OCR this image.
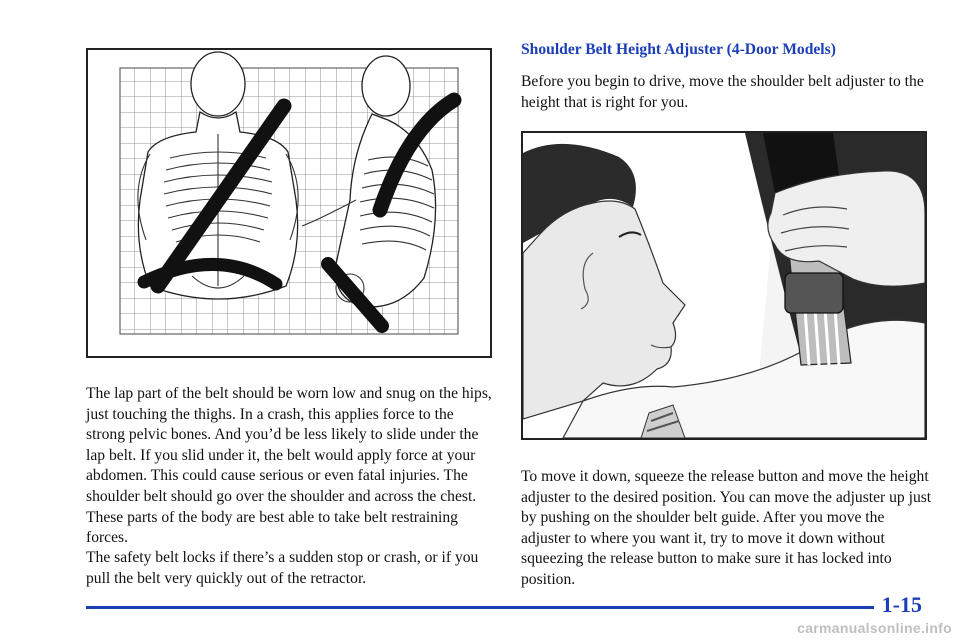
The lap part of the belt should be worn low and snug on the hips, just touching the thighs. In a crash, this applies force to the strong pelvic bones. And you’d be less likely to slide under the lap belt. If you slid under it, the belt would apply force at your abdomen. This could cause serious or even fatal injuries. The shoulder belt should go over the shoulder and across the chest. These parts of the body are best able to take belt restraining forces.

The safety belt locks if there’s a sudden stop or crash, or if you pull the belt very quickly out of the retractor.

Shoulder Belt Height Adjuster (4-Door Models)

Before you begin to drive, move the shoulder belt adjuster to the height that is right for you.

To move it down, squeeze the release button and move the height adjuster to the desired position. You can move the adjuster up just by pushing on the shoulder belt guide. After you move the adjuster to where you want it, try to move it down without squeezing the release button to make sure it has locked into position.

1-15
carmanualsonline.info
